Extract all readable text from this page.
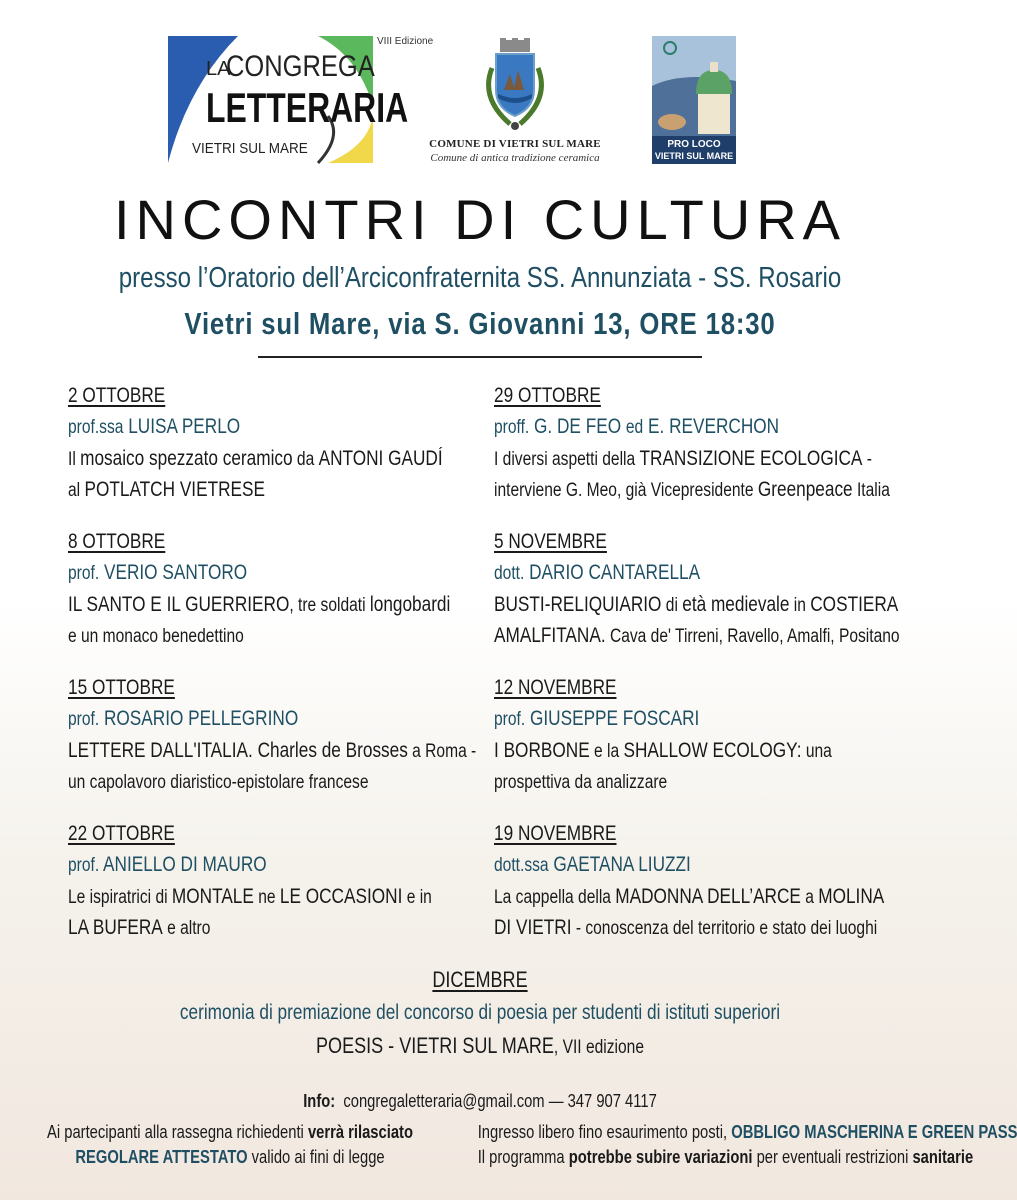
LA
CONGREGA
LETTERARIA
VIETRI SUL MARE
VIII Edizione
COMUNE DI VIETRI SUL MARE
Comune di antica tradizione ceramica
PRO LOCO
VIETRI SUL MARE
INCONTRI DI CULTURA
presso l’Oratorio dell’Arciconfraternita SS. Annunziata - SS. Rosario
Vietri sul Mare, via S. Giovanni 13, ORE 18:30
2 OTTOBRE
prof.ssa LUISA PERLO
Il mosaico spezzato ceramico da ANTONI GAUDÍ
al POTLATCH VIETRESE
8 OTTOBRE
prof. VERIO SANTORO
IL SANTO E IL GUERRIERO, tre soldati longobardi
e un monaco benedettino
15 OTTOBRE
prof. ROSARIO PELLEGRINO
LETTERE DALL'ITALIA. Charles de Brosses a Roma -
un capolavoro diaristico-epistolare francese
22 OTTOBRE
prof. ANIELLO DI MAURO
Le ispiratrici di MONTALE ne LE OCCASIONI e in
LA BUFERA e altro
29 OTTOBRE
proff. G. DE FEO ed E. REVERCHON
I diversi aspetti della TRANSIZIONE ECOLOGICA -
interviene G. Meo, già Vicepresidente Greenpeace Italia
5 NOVEMBRE
dott. DARIO CANTARELLA
BUSTI-RELIQUIARIO di età medievale in COSTIERA
AMALFITANA. Cava de' Tirreni, Ravello, Amalfi, Positano
12 NOVEMBRE
prof. GIUSEPPE FOSCARI
I BORBONE e la SHALLOW ECOLOGY: una
prospettiva da analizzare
19 NOVEMBRE
dott.ssa GAETANA LIUZZI
La cappella della MADONNA DELL’ARCE a MOLINA
DI VIETRI - conoscenza del territorio e stato dei luoghi
DICEMBRE
cerimonia di premiazione del concorso di poesia per studenti di istituti superiori
POESIS - VIETRI SUL MARE, VII edizione
Info: congregaletteraria@gmail.com — 347 907 4117
Ai partecipanti alla rassegna richiedenti verrà rilasciato
REGOLARE ATTESTATO valido ai fini di legge
Ingresso libero fino esaurimento posti, OBBLIGO MASCHERINA E GREEN PASS
Il programma potrebbe subire variazioni per eventuali restrizioni sanitarie
